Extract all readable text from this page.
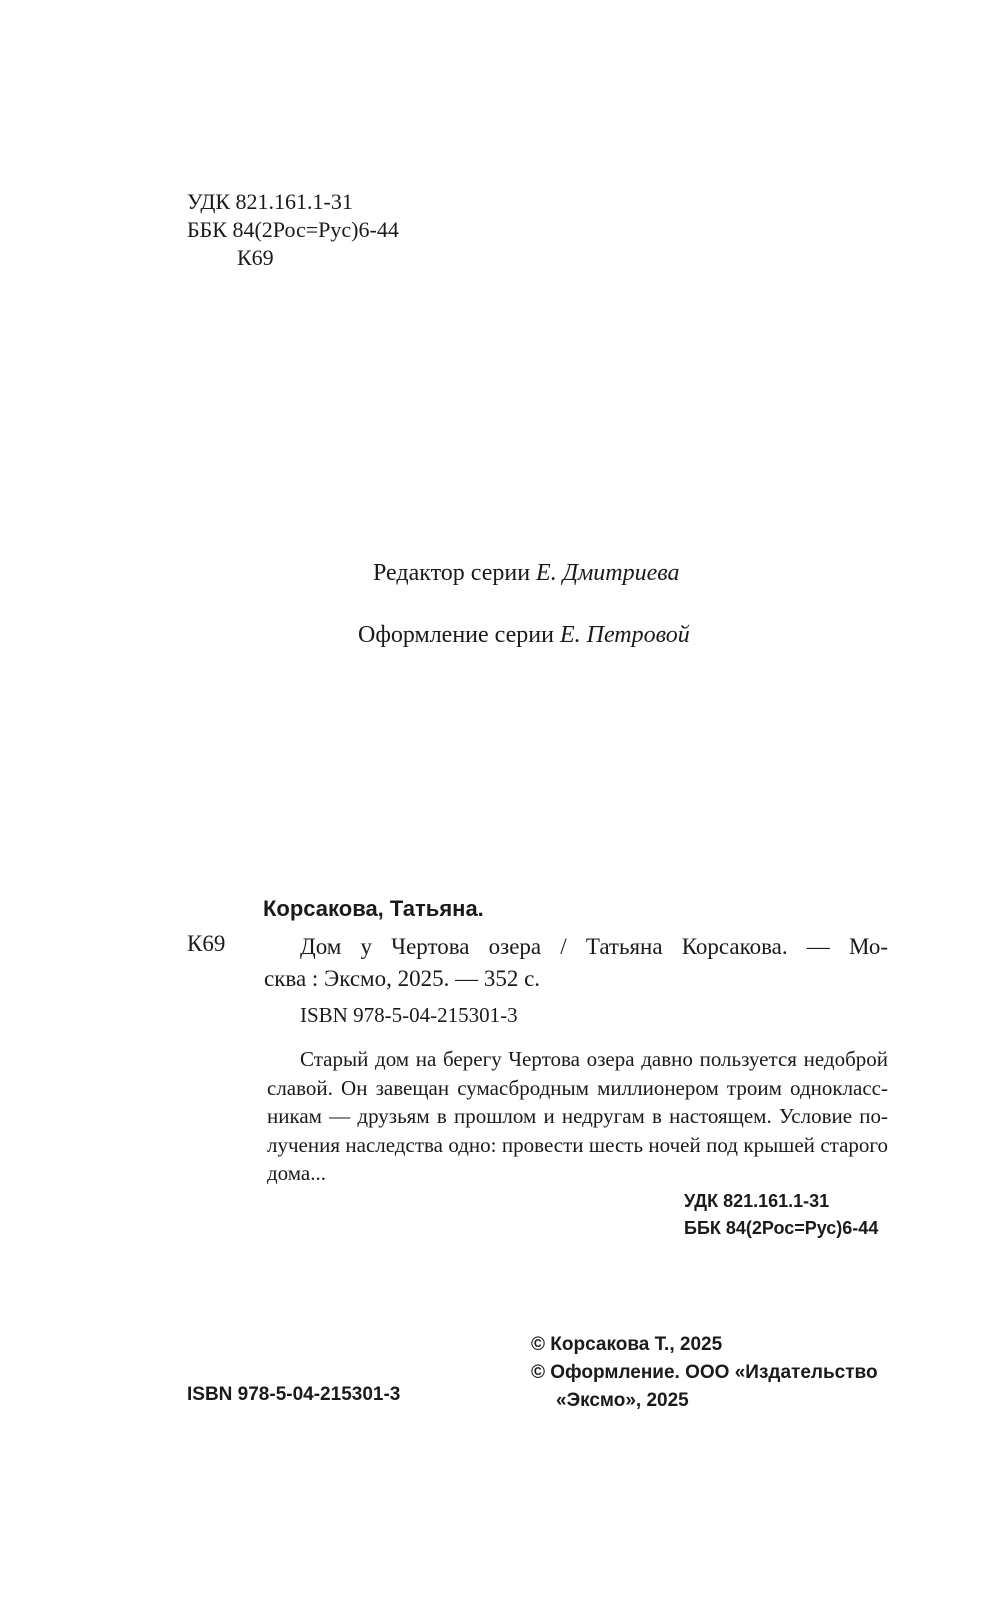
УДК 821.161.1-31
ББК 84(2Рос=Рус)6-44
К69
Редактор серии Е. Дмитриева
Оформление серии Е. Петровой
Корсакова, Татьяна.
К69	Дом у Чертова озера / Татьяна Корсакова. — Мо-
сква : Эксмо, 2025. — 352 с.
ISBN 978-5-04-215301-3
Старый дом на берегу Чертова озера давно пользуется недоброй
славой. Он завещан сумасбродным миллионером троим однокласс-
никам — друзьям в прошлом и недругам в настоящем. Условие по-
лучения наследства одно: провести шесть ночей под крышей старого
дома...
УДК 821.161.1-31
ББК 84(2Рос=Рус)6-44
ISBN 978-5-04-215301-3
© Корсакова Т., 2025
© Оформление. ООО «Издательство
«Эксмо», 2025
